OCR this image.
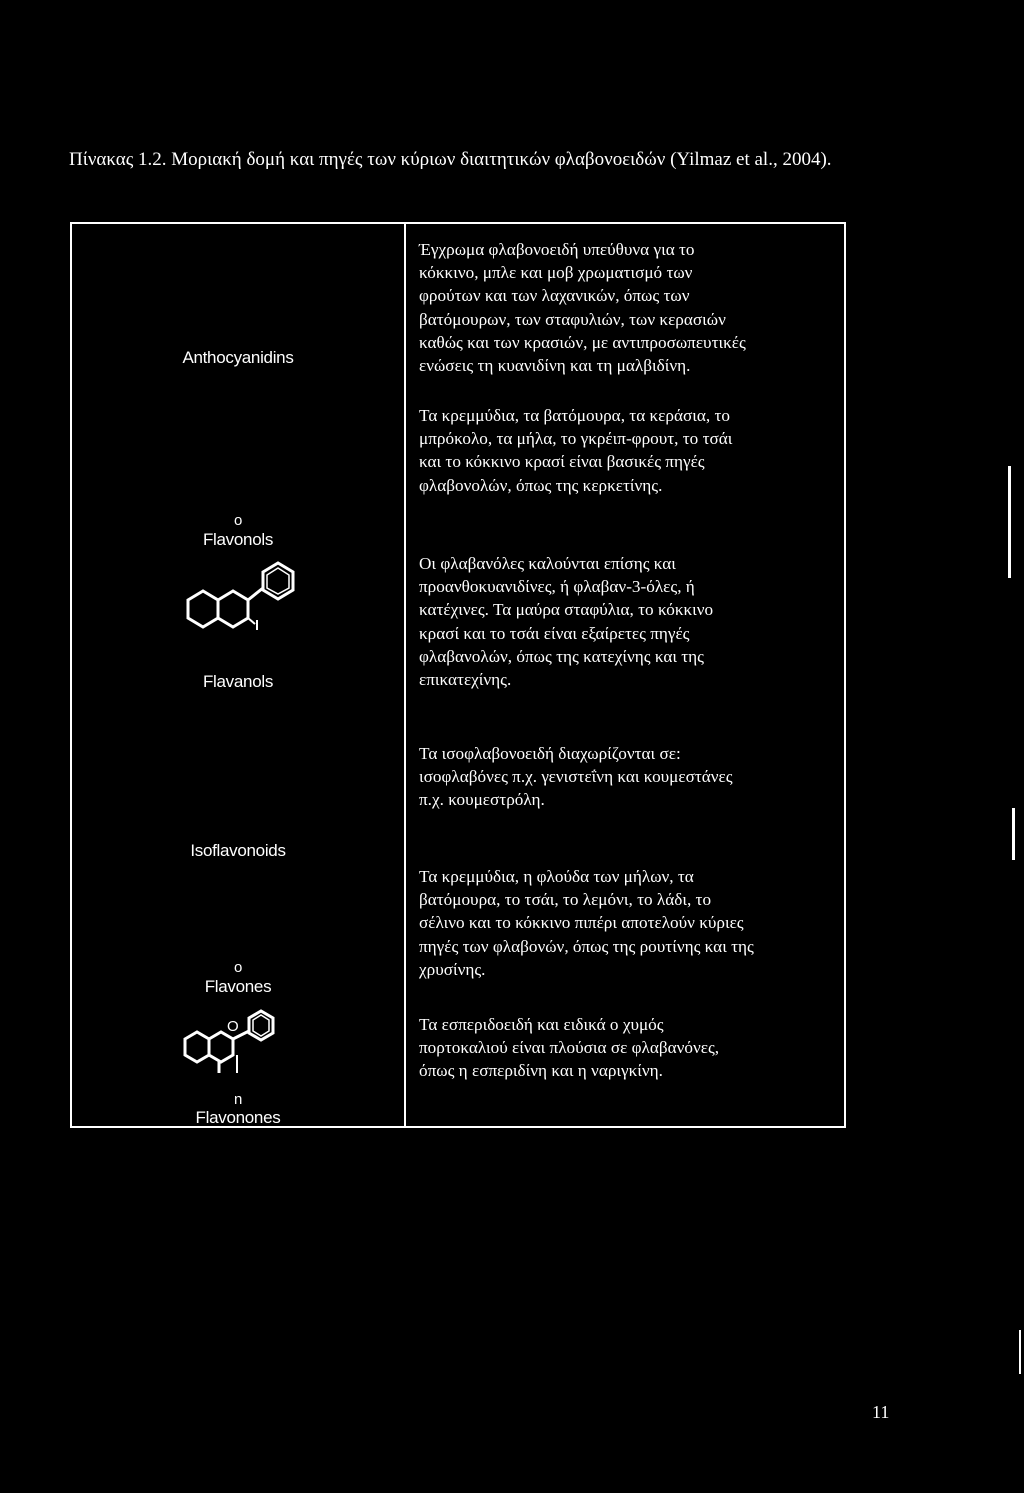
Πίνακας 1.2. Μοριακή δομή και πηγές των κύριων διαιτητικών φλαβονοειδών (Yilmaz et al., 2004).
Anthocyanidins
o
Flavonols
Flavanols
Isoflavonoids
o
Flavones
O
n
Flavonones

Έγχρωμα φλαβονοειδή υπεύθυνα για το
κόκκινο, μπλε και μοβ χρωματισμό των
φρούτων και των λαχανικών, όπως των
βατόμουρων, των σταφυλιών, των κερασιών
καθώς και των κρασιών, με αντιπροσωπευτικές
ενώσεις τη κυανιδίνη και τη μαλβιδίνη.

Τα κρεμμύδια, τα βατόμουρα, τα κεράσια, το
μπρόκολο, τα μήλα, το γκρέιπ-φρουτ, το τσάι
και το κόκκινο κρασί είναι βασικές πηγές
φλαβονολών, όπως της κερκετίνης.

Οι φλαβανόλες καλούνται επίσης και
προανθοκυανιδίνες, ή φλαβαν-3-όλες, ή
κατέχινες. Τα μαύρα σταφύλια, το κόκκινο
κρασί και το τσάι είναι εξαίρετες πηγές
φλαβανολών, όπως της κατεχίνης και της
επικατεχίνης.

Τα ισοφλαβονοειδή διαχωρίζονται σε:
ισοφλαβόνες π.χ. γενιστεΐνη και κουμεστάνες
π.χ. κουμεστρόλη.

Τα κρεμμύδια, η φλούδα των μήλων, τα
βατόμουρα, το τσάι, το λεμόνι, το λάδι, το
σέλινο και το κόκκινο πιπέρι αποτελούν κύριες
πηγές των φλαβονών, όπως της ρουτίνης και της
χρυσίνης.

Τα εσπεριδοειδή και ειδικά ο χυμός
πορτοκαλιού είναι πλούσια σε φλαβανόνες,
όπως η εσπεριδίνη και η ναριγκίνη.

11
